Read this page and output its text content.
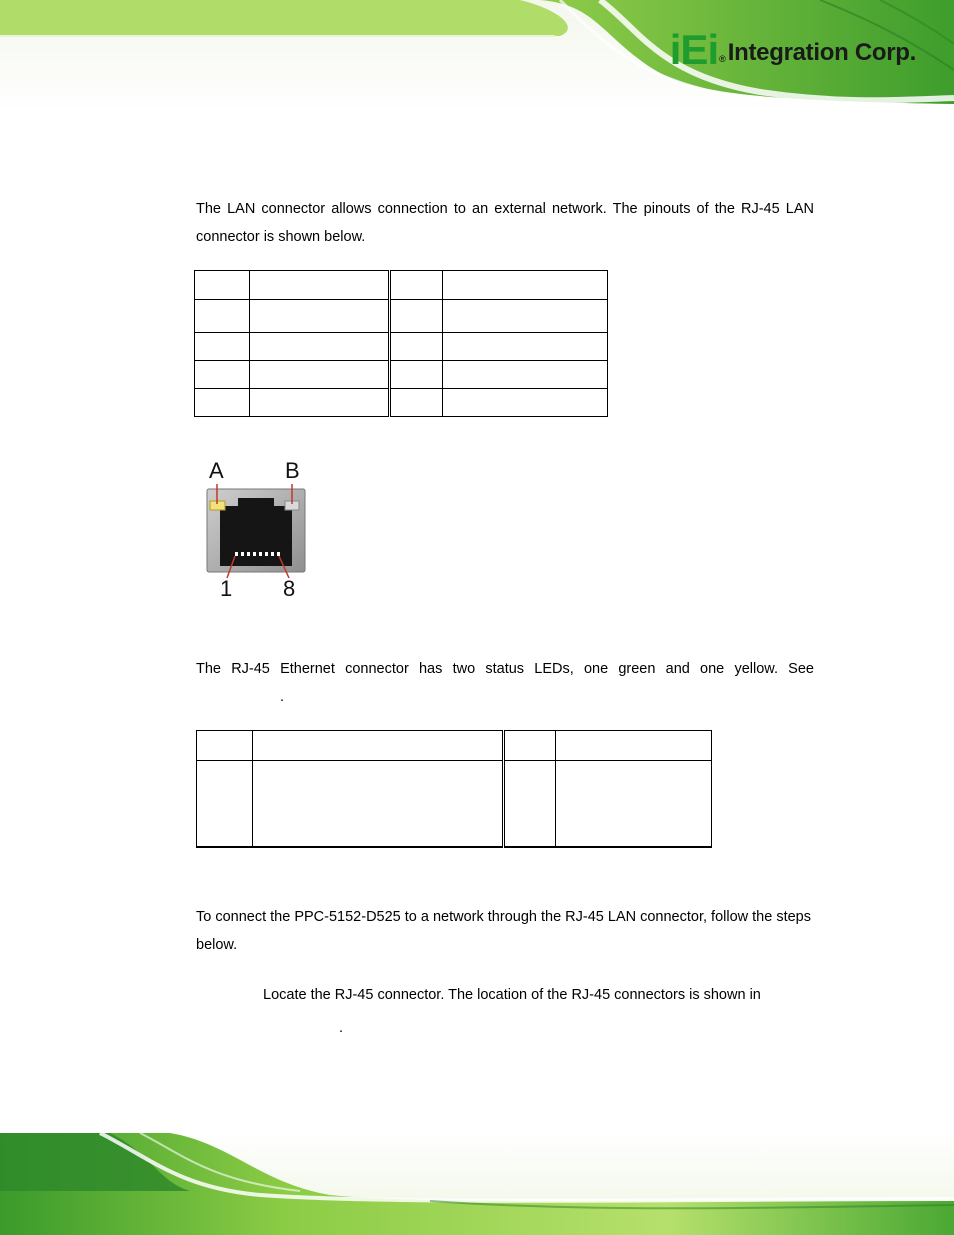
iEi ® Integration Corp.

The LAN connector allows connection to an external network. The pinouts of the RJ-45 LAN connector is shown below.

A	B
1 8

The RJ-45 Ethernet connector has two status LEDs, one green and one yellow. See

.

To connect the PPC-5152-D525 to a network through the RJ-45 LAN connector, follow the steps below.

Locate the RJ-45 connector. The location of the RJ-45 connectors is shown in

.
